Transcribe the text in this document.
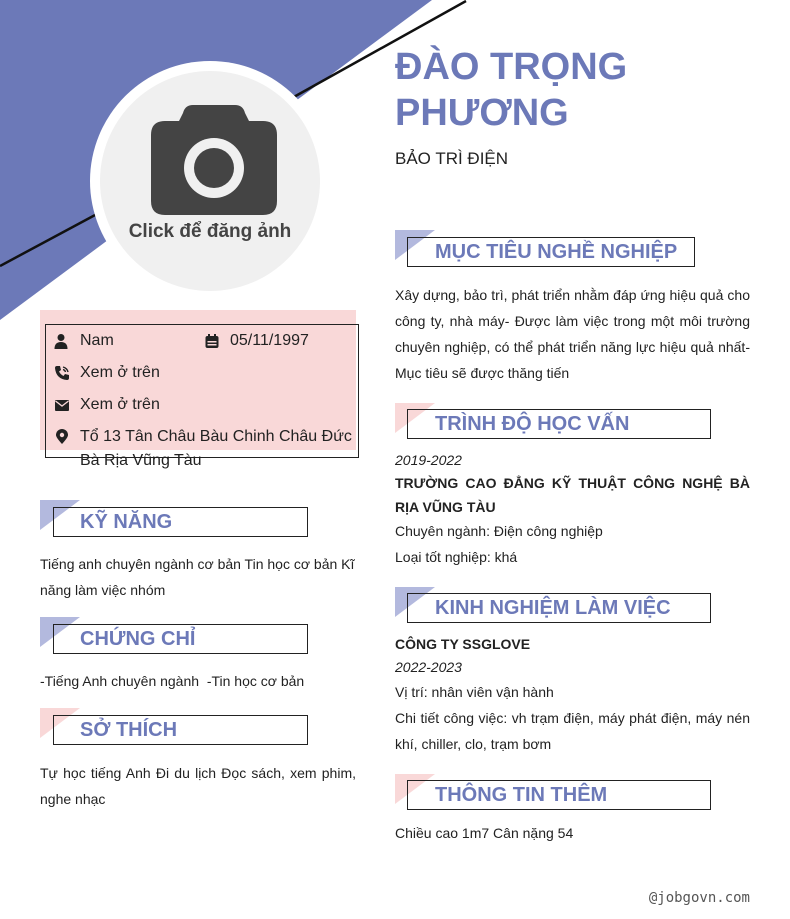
Click để đăng ảnh
ĐÀO TRỌNG
PHƯƠNG
BẢO TRÌ ĐIỆN
Nam	05/11/1997
Xem ở trên
Xem ở trên
Tổ 13 Tân Châu Bàu Chinh Châu Đức
Bà Rịa Vũng Tàu
KỸ NĂNG
Tiếng anh chuyên ngành cơ bản Tin học cơ bản Kĩ năng làm việc nhóm
CHỨNG CHỈ
-Tiếng Anh chuyên ngành  -Tin học cơ bản
SỞ THÍCH
Tự học tiếng Anh Đi du lịch Đọc sách, xem phim, nghe nhạc
MỤC TIÊU NGHỀ NGHIỆP
Xây dựng, bảo trì, phát triển nhằm đáp ứng hiệu quả cho công ty, nhà máy- Được làm việc trong một môi trường chuyên nghiệp, có thể phát triển năng lực hiệu quả nhất- Mục tiêu sẽ được thăng tiến
TRÌNH ĐỘ HỌC VẤN
2019-2022
TRƯỜNG CAO ĐẲNG KỸ THUẬT CÔNG NGHỆ BÀ RỊA VŨNG TÀU
Chuyên ngành: Điện công nghiệp
Loại tốt nghiệp: khá
KINH NGHIỆM LÀM VIỆC
CÔNG TY SSGLOVE
2022-2023
Vị trí: nhân viên vận hành
Chi tiết công việc: vh trạm điện, máy phát điện, máy nén khí, chiller, clo, trạm bơm
THÔNG TIN THÊM
Chiều cao 1m7 Cân nặng 54
@jobgovn.com
